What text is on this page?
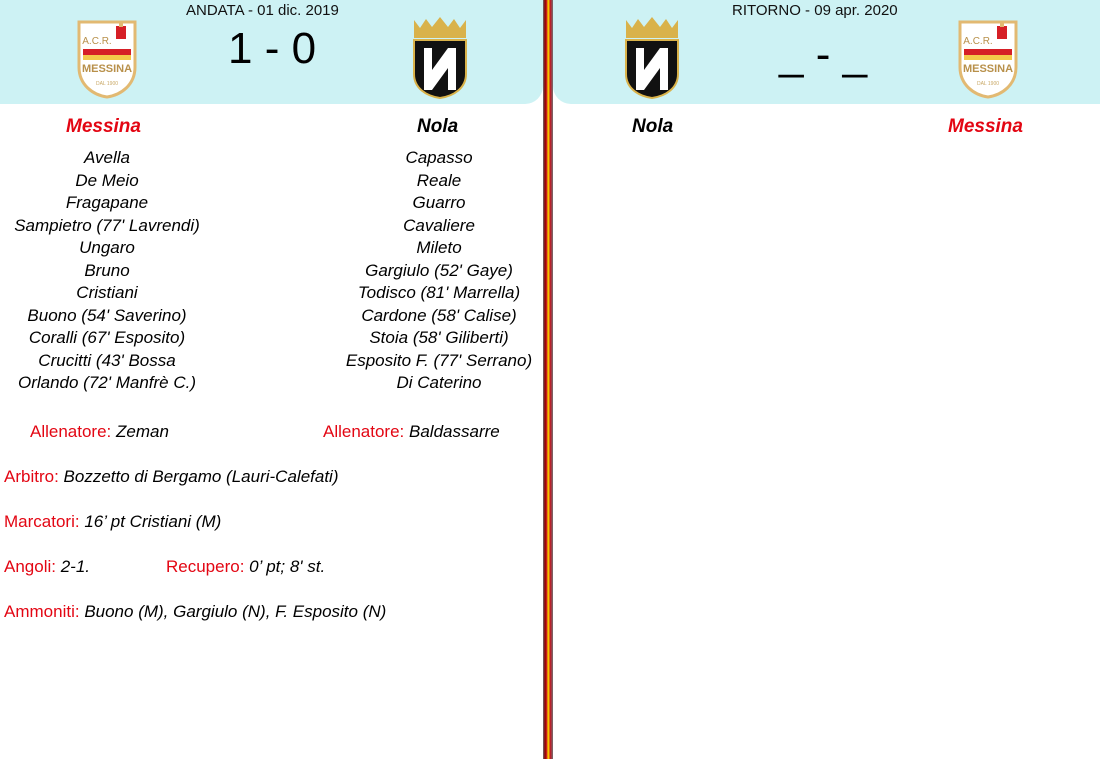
ANDATA - 01 dic. 2019
1 - 0
A.C.R.
MESSINA
DAL 1900
Messina	Nola
Avella
De Meio
Fragapane
Sampietro (77' Lavrendi)
Ungaro
Bruno
Cristiani
Buono (54' Saverino)
Coralli (67' Esposito)
Crucitti (43' Bossa
Orlando (72' Manfrè C.)
Capasso
Reale
Guarro
Cavaliere
Mileto
Gargiulo (52' Gaye)
Todisco (81' Marrella)
Cardone (58' Calise)
Stoia (58' Giliberti)
Esposito F. (77' Serrano)
Di Caterino
Allenatore: Zeman	Allenatore: Baldassarre
Arbitro: Bozzetto di Bergamo (Lauri-Calefati)
Marcatori: 16’ pt Cristiani (M)
Angoli: 2-1.	Recupero: 0’ pt; 8' st.
Ammoniti: Buono (M), Gargiulo (N), F. Esposito (N)
RITORNO - 09 apr. 2020
_ - _	A.C.R.
MESSINA
DAL 1900
Nola	Messina
